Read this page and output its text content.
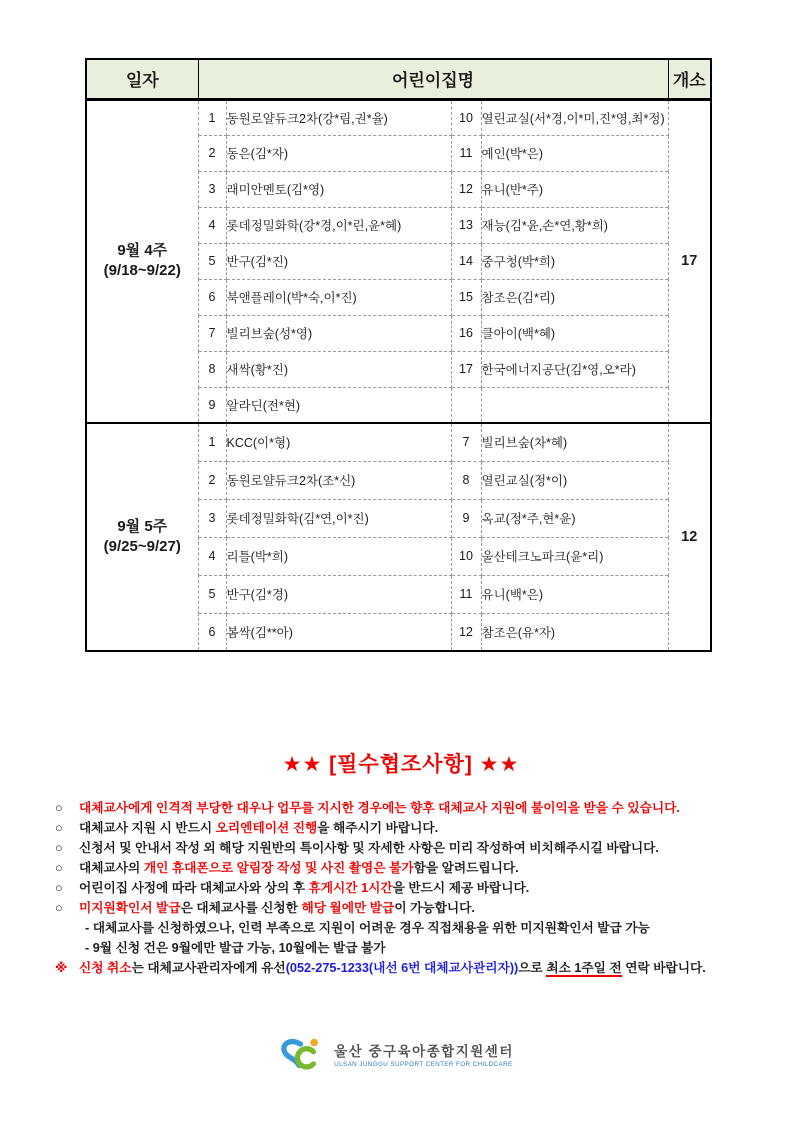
일자	어린이집명				개소

9월 4주
(9/18~9/22)	1	동원로얄듀크2차(강*림,권*율)	10	열린교실(서*경,이*미,진*영,최*정)	17
	2	동은(김*자)	11	예인(박*은)	
	3	래미안멘토(김*영)	12	유니(반*주)	
	4	롯데정밀화학(강*경,이*린,윤*혜)	13	재능(김*윤,손*연,황*희)	
	5	반구(김*진)	14	중구청(박*희)	
	6	북앤플레이(박*숙,이*진)	15	참조은(김*리)	
	7	빌리브숲(성*영)	16	클아이(백*혜)	
	8	새싹(황*진)	17	한국에너지공단(김*영,오*라)	
	9	알라딘(전*현)			

9월 5주
(9/25~9/27)	1	KCC(이*형)	7	빌리브숲(차*혜)	12
	2	동원로얄듀크2차(조*신)	8	열린교실(정*이)	
	3	롯데정밀화학(김*연,이*진)	9	옥교(정*주,현*윤)	
	4	리틀(박*희)	10	울산테크노파크(윤*리)	
	5	반구(김*경)	11	유니(백*은)	
	6	봄싹(김**아)	12	참조은(유*자)	
★★ [필수협조사항] ★★
○	대체교사에게 인격적 부당한 대우나 업무를 지시한 경우에는 향후 대체교사 지원에 불이익을 받을 수 있습니다.
○	대체교사 지원 시 반드시 오리엔테이션 진행을 해주시기 바랍니다.
○	신청서 및 안내서 작성 외 해당 지원반의 특이사항 및 자세한 사항은 미리 작성하여 비치해주시길 바랍니다.
○	대체교사의 개인 휴대폰으로 알림장 작성 및 사진 촬영은 불가함을 알려드립니다.
○	어린이집 사정에 따라 대체교사와 상의 후 휴게시간 1시간을 반드시 제공 바랍니다.
○	미지원확인서 발급은 대체교사를 신청한 해당 월에만 발급이 가능합니다.
- 대체교사를 신청하였으나, 인력 부족으로 지원이 어려운 경우 직접채용을 위한 미지원확인서 발급 가능
- 9월 신청 건은 9월에만 발급 가능, 10월에는 발급 불가
※ 신청 취소는 대체교사관리자에게 유선(052-275-1233(내선 6번 대체교사관리자))으로 최소 1주일 전 연락 바랍니다.
울산 중구육아종합지원센터
ULSAN JUNGGU SUPPORT CENTER FOR CHILDCARE
